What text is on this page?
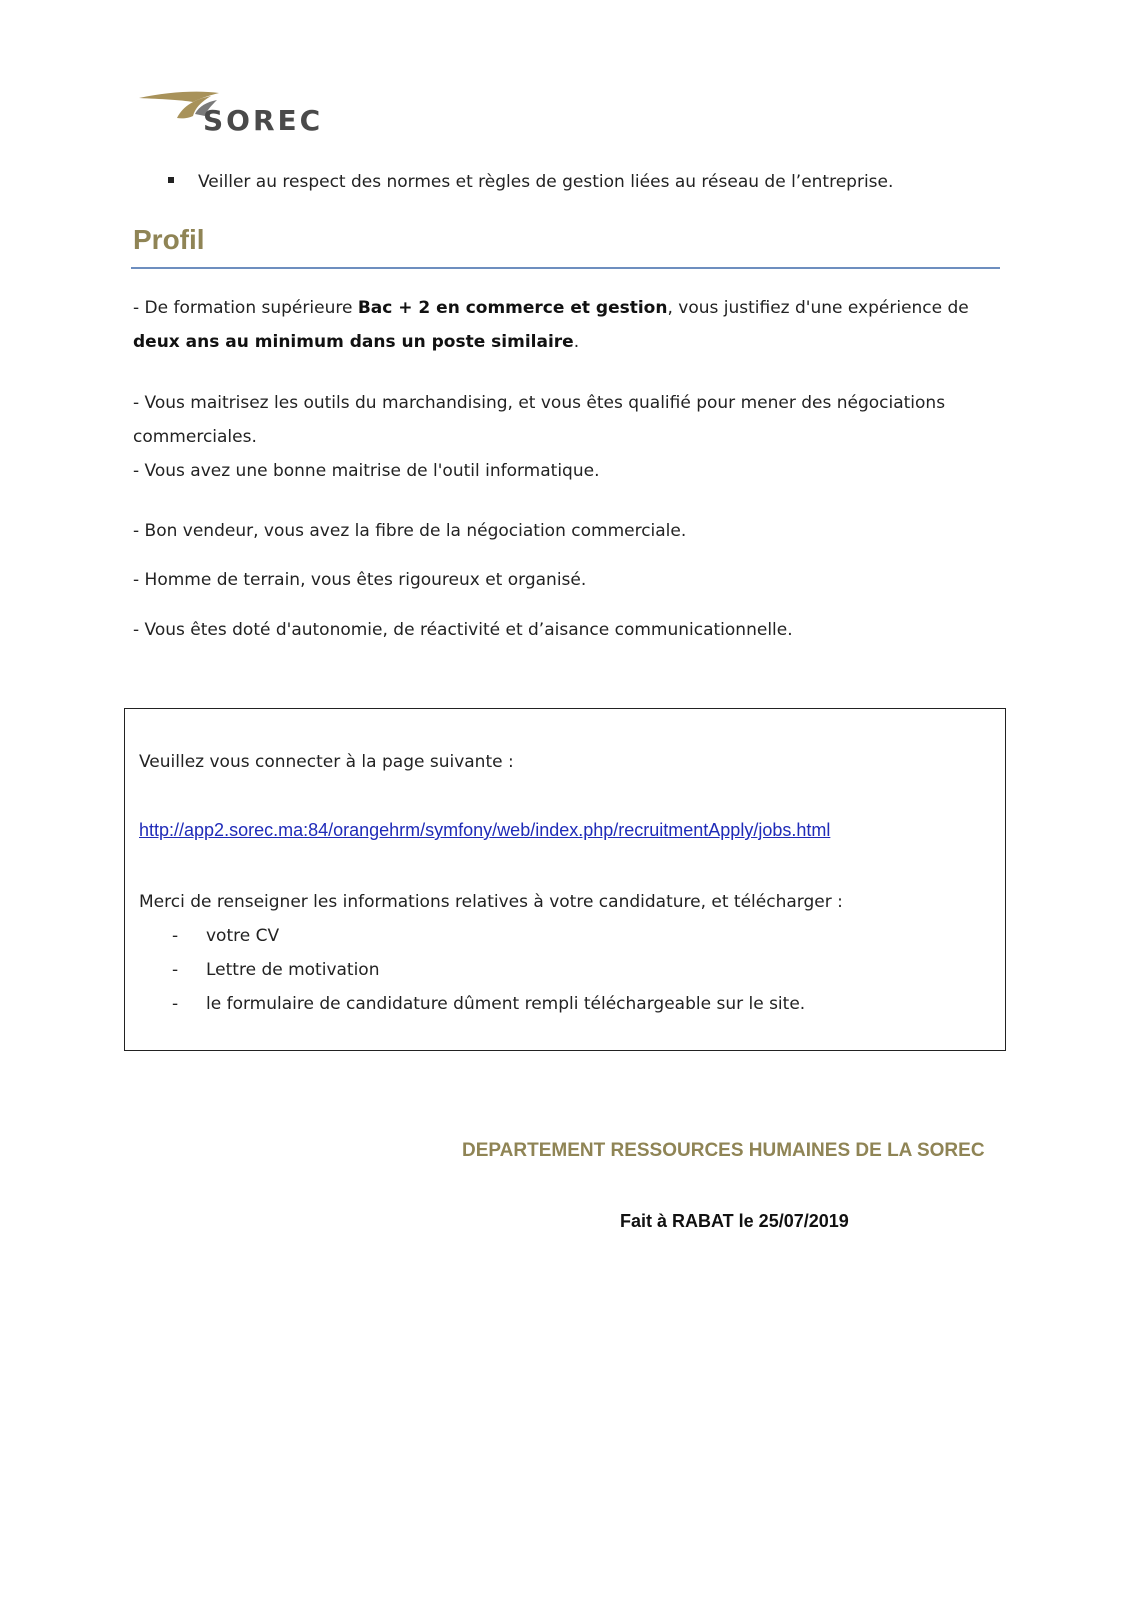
SOREC
Veiller au respect des normes et règles de gestion liées au réseau de l’entreprise.
Profil
- De formation supérieure Bac + 2 en commerce et gestion, vous justifiez d'une expérience de
deux ans au minimum dans un poste similaire.
- Vous maitrisez les outils du marchandising, et vous êtes qualifié pour mener des négociations
commerciales.
- Vous avez une bonne maitrise de l'outil informatique.
- Bon vendeur, vous avez la fibre de la négociation commerciale.
- Homme de terrain, vous êtes rigoureux et organisé.
- Vous êtes doté d'autonomie, de réactivité et d’aisance communicationnelle.
Veuillez vous connecter à la page suivante :
http://app2.sorec.ma:84/orangehrm/symfony/web/index.php/recruitmentApply/jobs.html
Merci de renseigner les informations relatives à votre candidature, et télécharger :
- votre CV
- Lettre de motivation
- le formulaire de candidature dûment rempli téléchargeable sur le site.
DEPARTEMENT RESSOURCES HUMAINES DE LA SOREC
Fait à RABAT le 25/07/2019
